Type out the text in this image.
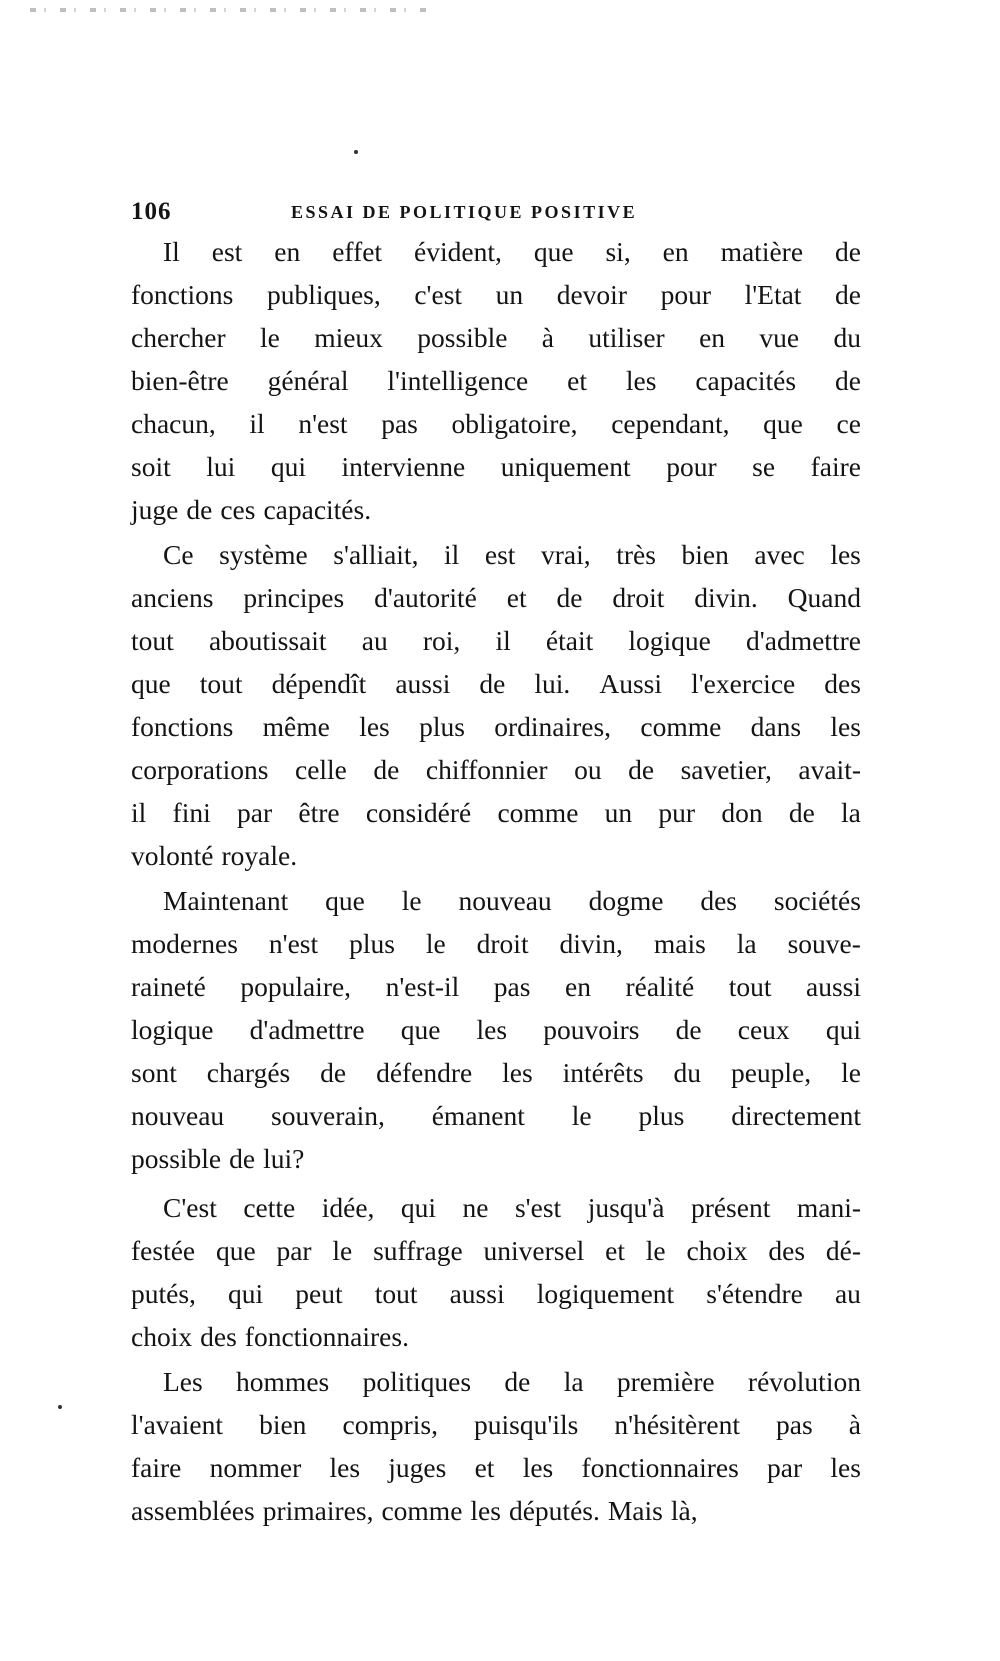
106	ESSAI DE POLITIQUE POSITIVE
Il est en effet évident, que si, en matière de
fonctions publiques, c'est un devoir pour l'Etat de
chercher le mieux possible à utiliser en vue du
bien-être général l'intelligence et les capacités de
chacun, il n'est pas obligatoire, cependant, que ce
soit lui qui intervienne uniquement pour se faire
juge de ces capacités.
Ce système s'alliait, il est vrai, très bien avec les
anciens principes d'autorité et de droit divin. Quand
tout aboutissait au roi, il était logique d'admettre
que tout dépendît aussi de lui. Aussi l'exercice des
fonctions même les plus ordinaires, comme dans les
corporations celle de chiffonnier ou de savetier, avait-
il fini par être considéré comme un pur don de la
volonté royale.
Maintenant que le nouveau dogme des sociétés
modernes n'est plus le droit divin, mais la souve-
raineté populaire, n'est-il pas en réalité tout aussi
logique d'admettre que les pouvoirs de ceux qui
sont chargés de défendre les intérêts du peuple, le
nouveau souverain, émanent le plus directement
possible de lui?
C'est cette idée, qui ne s'est jusqu'à présent mani-
festée que par le suffrage universel et le choix des dé-
putés, qui peut tout aussi logiquement s'étendre au
choix des fonctionnaires.
Les hommes politiques de la première révolution
l'avaient bien compris, puisqu'ils n'hésitèrent pas à
faire nommer les juges et les fonctionnaires par les
assemblées primaires, comme les députés. Mais là,
